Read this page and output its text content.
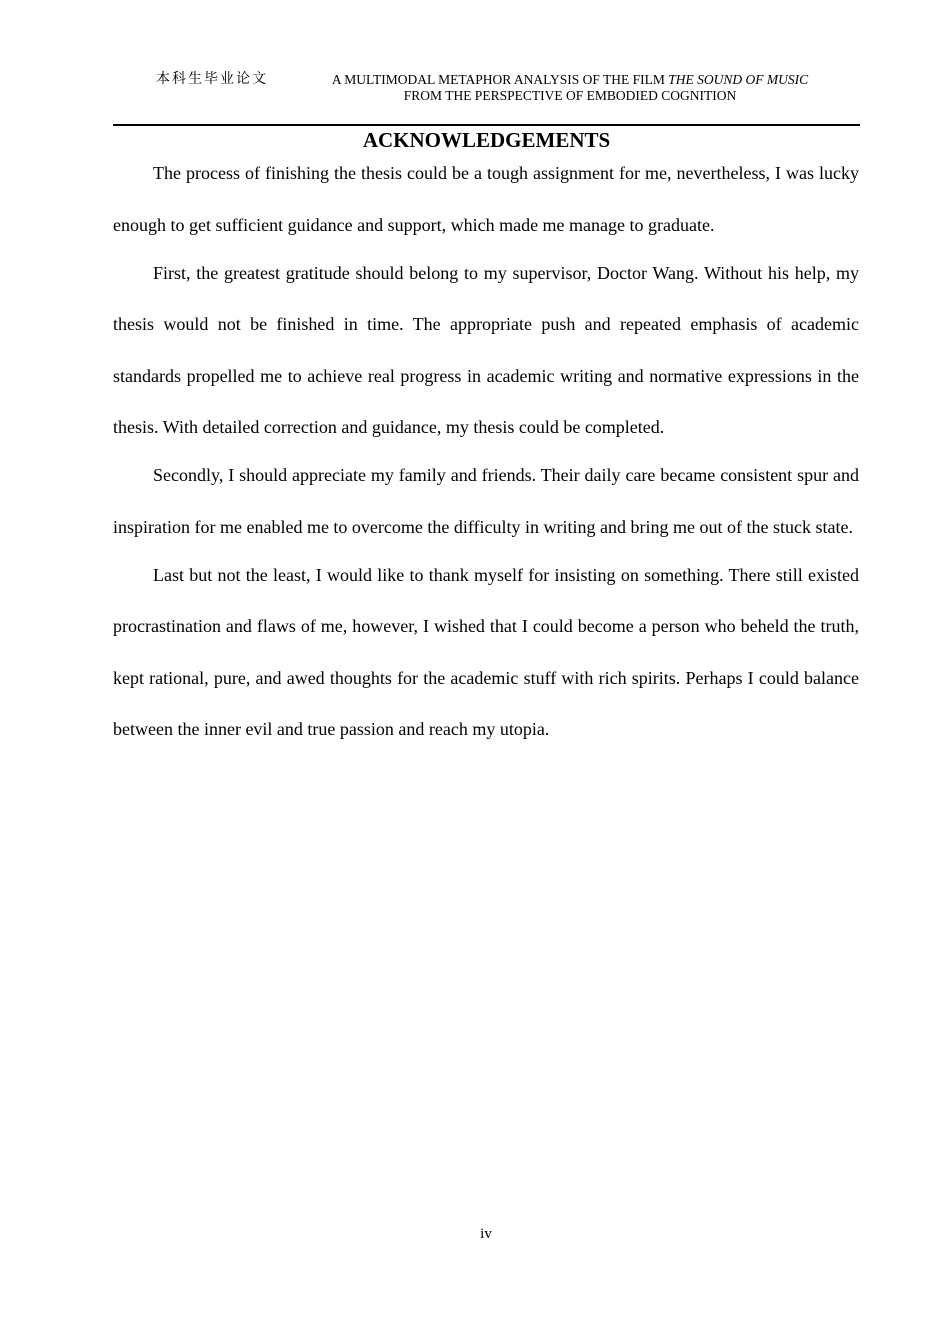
本科生毕业论文	A MULTIMODAL METAPHOR ANALYSIS OF THE FILM THE SOUND OF MUSIC
FROM THE PERSPECTIVE OF EMBODIED COGNITION
ACKNOWLEDGEMENTS

The process of finishing the thesis could be a tough assignment for me, nevertheless, I was lucky enough to get sufficient guidance and support, which made me manage to graduate.

First, the greatest gratitude should belong to my supervisor, Doctor Wang. Without his help, my thesis would not be finished in time. The appropriate push and repeated emphasis of academic standards propelled me to achieve real progress in academic writing and normative expressions in the thesis. With detailed correction and guidance, my thesis could be completed.

Secondly, I should appreciate my family and friends. Their daily care became consistent spur and inspiration for me enabled me to overcome the difficulty in writing and bring me out of the stuck state.

Last but not the least, I would like to thank myself for insisting on something. There still existed procrastination and flaws of me, however, I wished that I could become a person who beheld the truth, kept rational, pure, and awed thoughts for the academic stuff with rich spirits. Perhaps I could balance between the inner evil and true passion and reach my utopia.

iv
